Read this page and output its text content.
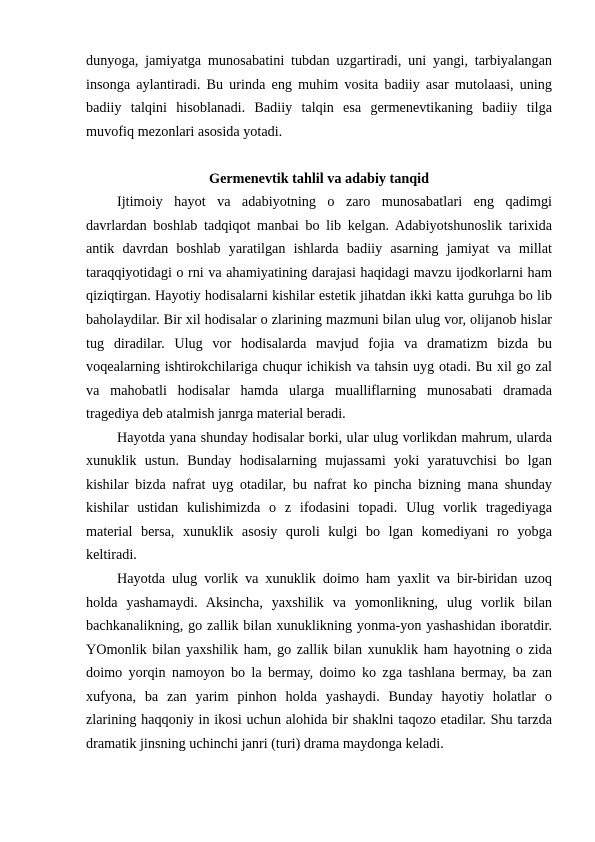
dunyoga, jamiyatga munosabatini tubdan uzgartiradi, uni yangi, tarbiyalangan insonga aylantiradi. Bu urinda eng muhim vosita badiiy asar mutolaasi, uning badiiy talqini hisoblanadi. Badiiy talqin esa germenevtikaning badiiy tilga muvofiq mezonlari asosida yotadi.

Germenevtik tahlil va adabiy tanqid

Ijtimoiy hayot va adabiyotning o zaro munosabatlari eng qadimgi davrlardan boshlab tadqiqot manbai bo lib kelgan. Adabiyotshunoslik tarixida antik davrdan boshlab yaratilgan ishlarda badiiy asarning jamiyat va millat taraqqiyotidagi o rni va ahamiyatining darajasi haqidagi mavzu ijodkorlarni ham qiziqtirgan. Hayotiy hodisalarni kishilar estetik jihatdan ikki katta guruhga bo lib baholaydilar. Bir xil hodisalar o zlarining mazmuni bilan ulug vor, olijanob hislar tug diradilar. Ulug vor hodisalarda mavjud fojia va dramatizm bizda bu voqealarning ishtirokchilariga chuqur ichikish va tahsin uyg otadi. Bu xil go zal va mahobatli hodisalar hamda ularga mualliflarning munosabati dramada tragediya deb atalmish janrga material beradi.

Hayotda yana shunday hodisalar borki, ular ulug vorlikdan mahrum, ularda xunuklik ustun. Bunday hodisalarning mujassami yoki yaratuvchisi bo lgan kishilar bizda nafrat uyg otadilar, bu nafrat ko pincha bizning mana shunday kishilar ustidan kulishimizda o z ifodasini topadi. Ulug vorlik tragediyaga material bersa, xunuklik asosiy quroli kulgi bo lgan komediyani ro yobga keltiradi.

Hayotda ulug vorlik va xunuklik doimo ham yaxlit va bir-biridan uzoq holda yashamaydi. Aksincha, yaxshilik va yomonlikning, ulug vorlik bilan bachkanalikning, go zallik bilan xunuklikning yonma-yon yashashidan iboratdir. YOmonlik bilan yaxshilik ham, go zallik bilan xunuklik ham hayotning o zida doimo yorqin namoyon bo la bermay, doimo ko zga tashlana bermay, ba zan xufyona, ba zan yarim pinhon holda yashaydi. Bunday hayotiy holatlar o zlarining haqqoniy in ikosi uchun alohida bir shaklni taqozo etadilar. Shu tarzda dramatik jinsning uchinchi janri (turi) drama maydonga keladi.
